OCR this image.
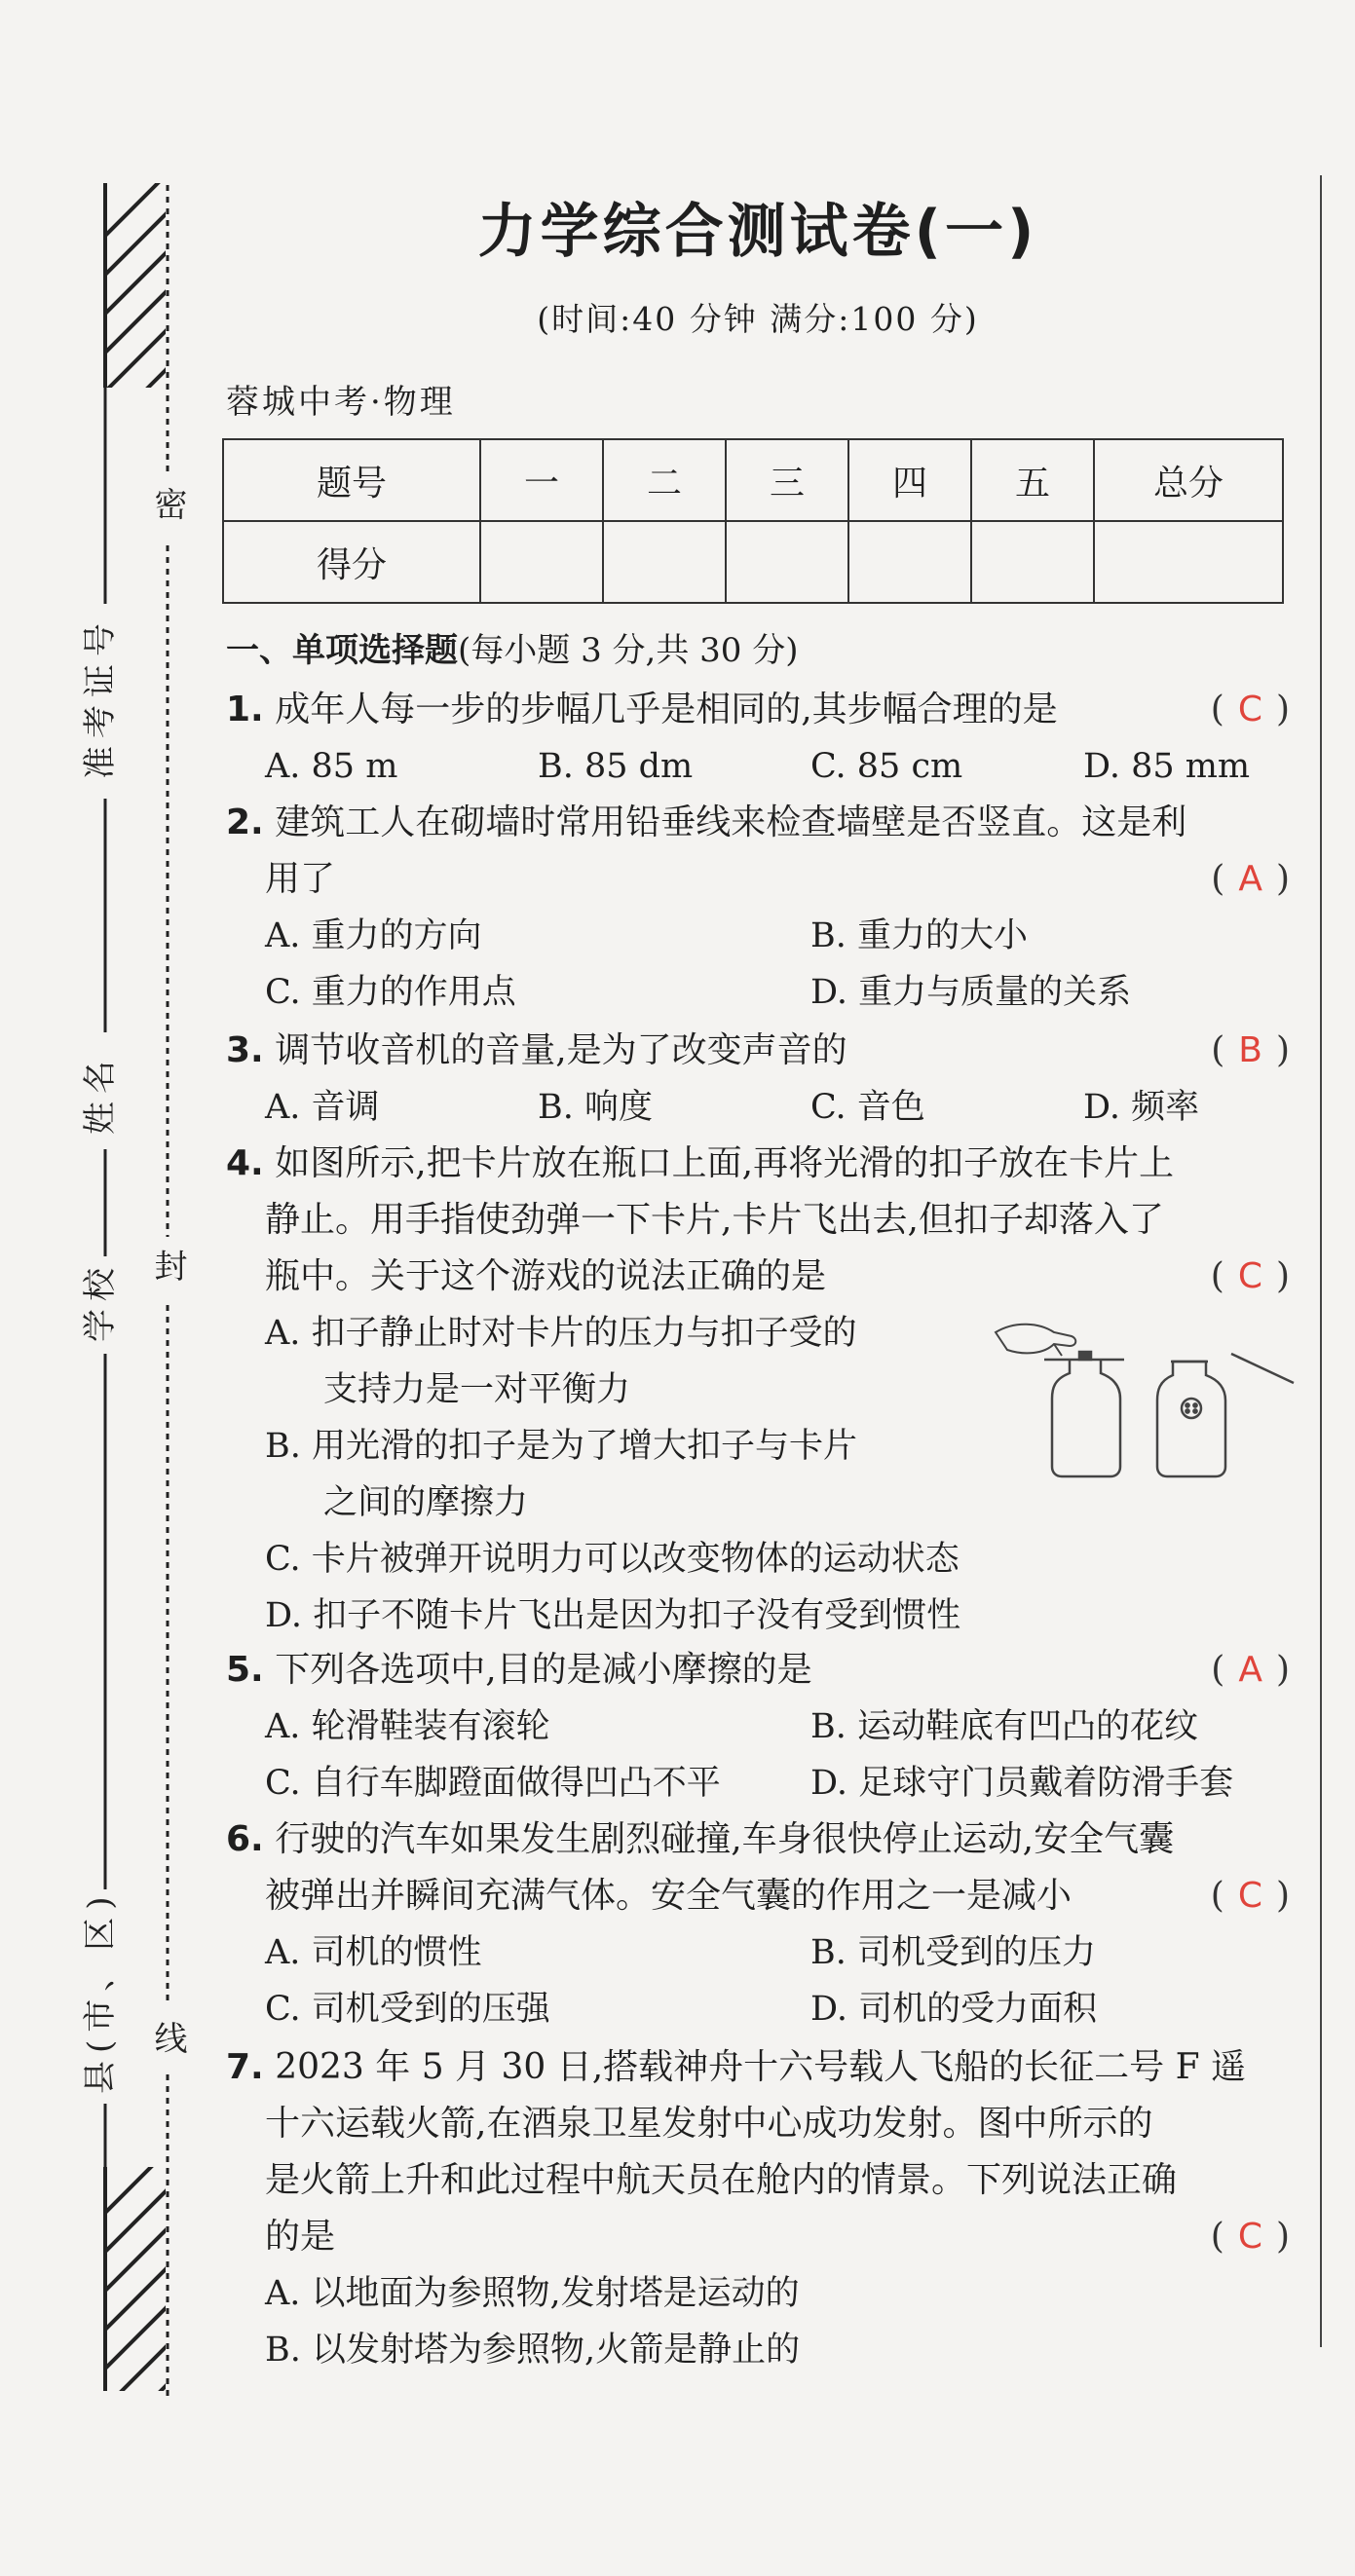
密
封
线
准考证号
姓名
学校
县(市、区)
力学综合测试卷(一)
(时间:40 分钟 满分:100 分)
蓉城中考·物理
题号	一	二	三	四	五	总分
得分						
一、单项选择题(每小题 3 分,共 30 分)
1. 成年人每一步的步幅几乎是相同的,其步幅合理的是	( C )
A. 85 m	B. 85 dm	C. 85 cm	D. 85 mm
2. 建筑工人在砌墙时常用铅垂线来检查墙壁是否竖直。这是利
用了	( A )
A. 重力的方向	B. 重力的大小
C. 重力的作用点	D. 重力与质量的关系
3. 调节收音机的音量,是为了改变声音的	( B )
A. 音调	B. 响度	C. 音色	D. 频率
4. 如图所示,把卡片放在瓶口上面,再将光滑的扣子放在卡片上
静止。用手指使劲弹一下卡片,卡片飞出去,但扣子却落入了
瓶中。关于这个游戏的说法正确的是	( C )
A. 扣子静止时对卡片的压力与扣子受的
支持力是一对平衡力
B. 用光滑的扣子是为了增大扣子与卡片
之间的摩擦力
C. 卡片被弹开说明力可以改变物体的运动状态
D. 扣子不随卡片飞出是因为扣子没有受到惯性
5. 下列各选项中,目的是减小摩擦的是	( A )
A. 轮滑鞋装有滚轮	B. 运动鞋底有凹凸的花纹
C. 自行车脚蹬面做得凹凸不平	D. 足球守门员戴着防滑手套
6. 行驶的汽车如果发生剧烈碰撞,车身很快停止运动,安全气囊
被弹出并瞬间充满气体。安全气囊的作用之一是减小	( C )
A. 司机的惯性	B. 司机受到的压力
C. 司机受到的压强	D. 司机的受力面积
7. 2023 年 5 月 30 日,搭载神舟十六号载人飞船的长征二号 F 遥
十六运载火箭,在酒泉卫星发射中心成功发射。图中所示的
是火箭上升和此过程中航天员在舱内的情景。下列说法正确
的是	( C )
A. 以地面为参照物,发射塔是运动的
B. 以发射塔为参照物,火箭是静止的
